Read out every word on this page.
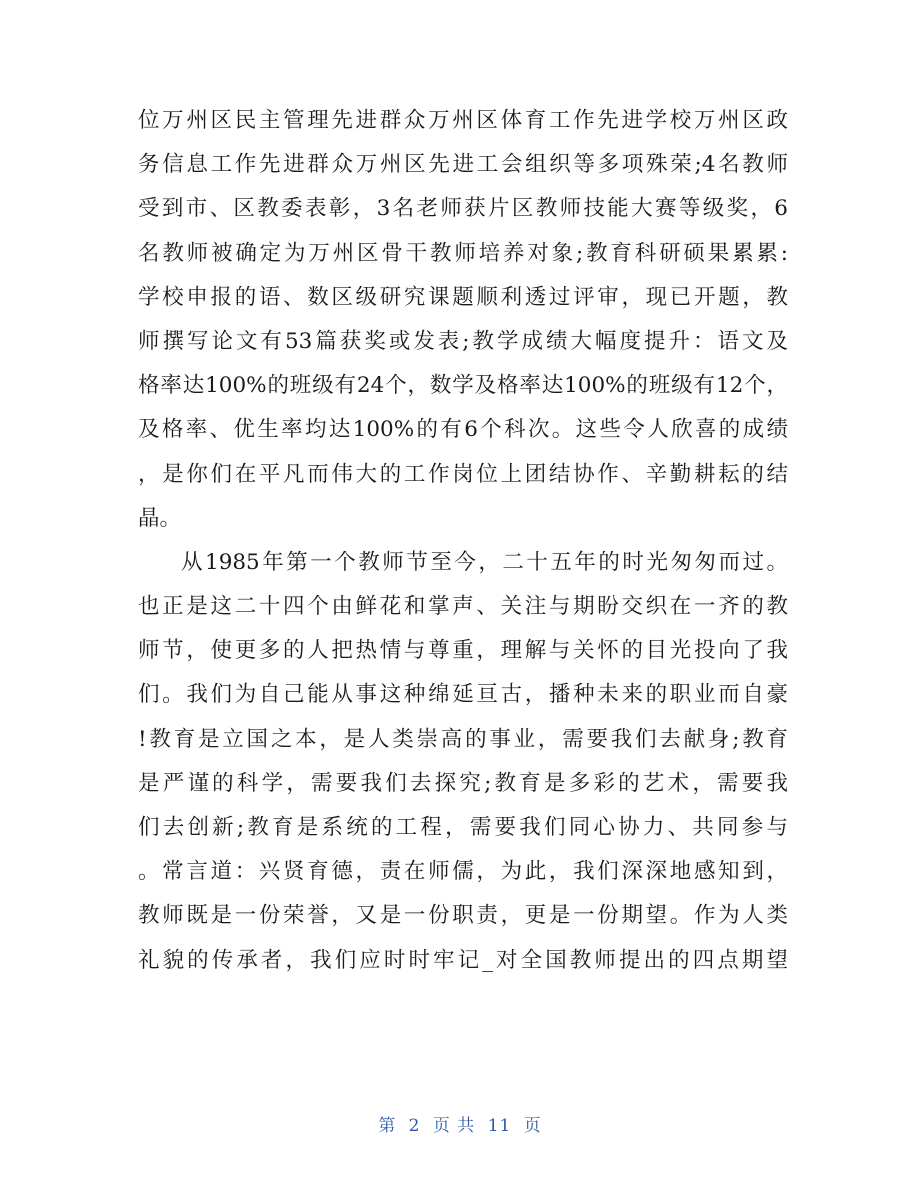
位万州区民主管理先进群众万州区体育工作先进学校万州区政
务信息工作先进群众万州区先进工会组织等多项殊荣;4名教师
受到市、区教委表彰，3名老师获片区教师技能大赛等级奖，6
名教师被确定为万州区骨干教师培养对象;教育科研硕果累累:
学校申报的语、数区级研究课题顺利透过评审，现已开题，教
师撰写论文有53篇获奖或发表;教学成绩大幅度提升：语文及
格率达100%的班级有24个，数学及格率达100%的班级有12个，
及格率、优生率均达100%的有6个科次。这些令人欣喜的成绩
，是你们在平凡而伟大的工作岗位上团结协作、辛勤耕耘的结
晶。
从1985年第一个教师节至今，二十五年的时光匆匆而过。
也正是这二十四个由鲜花和掌声、关注与期盼交织在一齐的教
师节，使更多的人把热情与尊重，理解与关怀的目光投向了我
们。我们为自己能从事这种绵延亘古，播种未来的职业而自豪
!教育是立国之本，是人类崇高的事业，需要我们去献身;教育
是严谨的科学，需要我们去探究;教育是多彩的艺术，需要我
们去创新;教育是系统的工程，需要我们同心协力、共同参与
。常言道：兴贤育德，责在师儒，为此，我们深深地感知到，
教师既是一份荣誉，又是一份职责，更是一份期望。作为人类
礼貌的传承者，我们应时时牢记_对全国教师提出的四点期望
第 2 页 共 11 页
